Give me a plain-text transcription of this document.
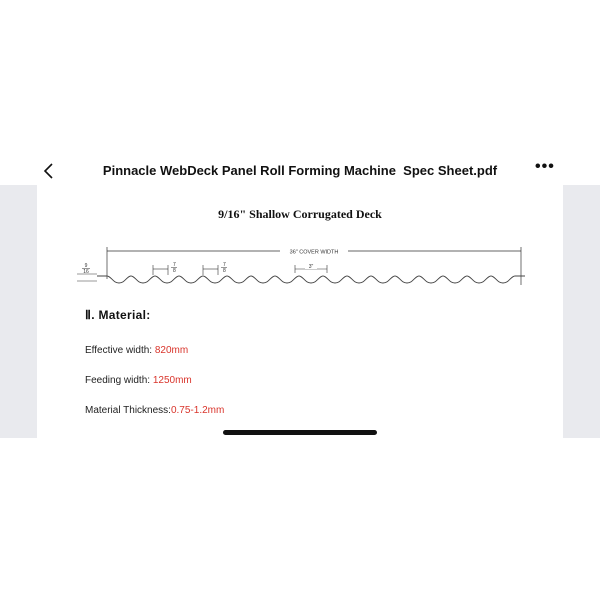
Pinnacle WebDeck Panel Roll Forming Machine  Spec Sheet.pdf	•••
9/16" Shallow Corrugated Deck
36" COVER WIDTH
9
16
7
8
7
8
3"
Ⅱ. Material:
Effective width: 820mm
Feeding width: 1250mm
Material Thickness:0.75-1.2mm
